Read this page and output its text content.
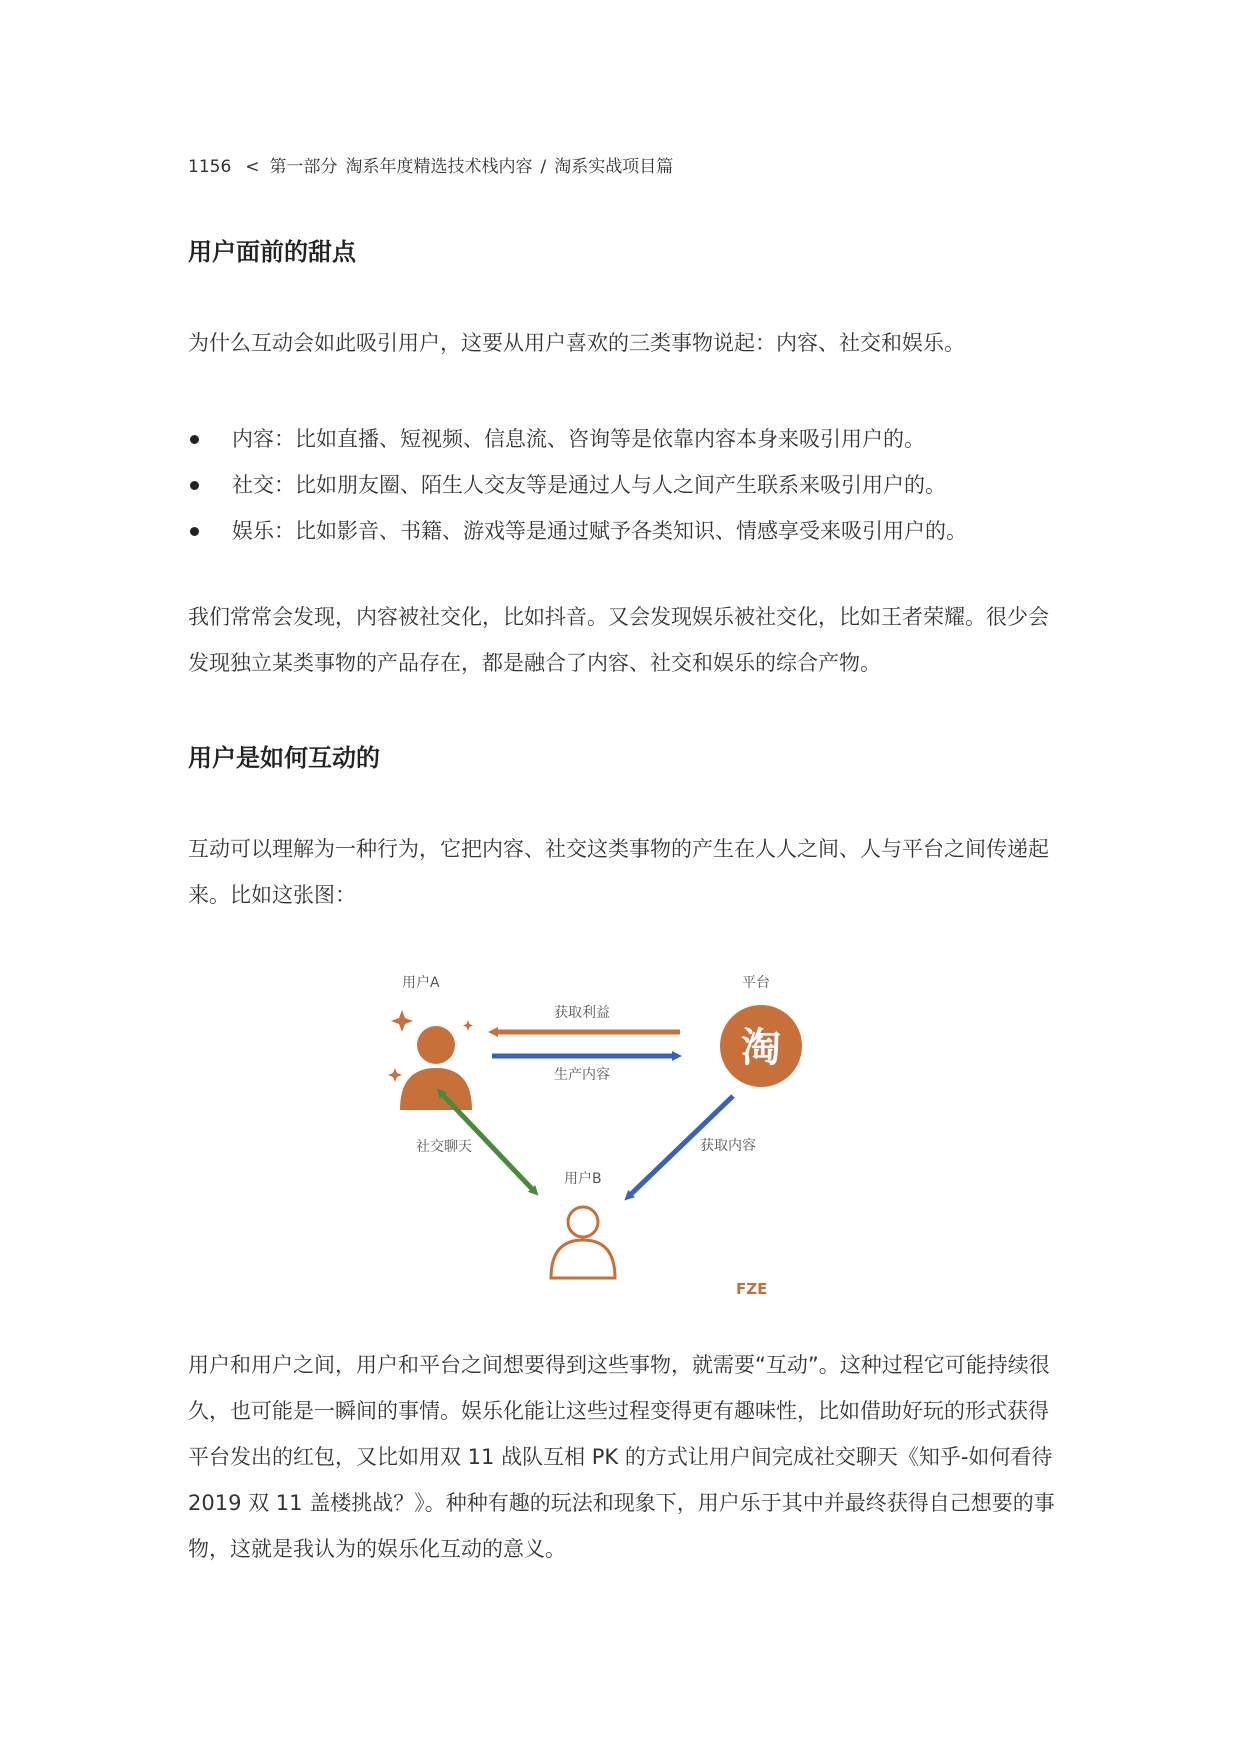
1156 < 第一部分 淘系年度精选技术栈内容 / 淘系实战项目篇
用户面前的甜点

为什么互动会如此吸引用户，这要从用户喜欢的三类事物说起：内容、社交和娱乐。

内容：比如直播、短视频、信息流、咨询等是依靠内容本身来吸引用户的。
社交：比如朋友圈、陌生人交友等是通过人与人之间产生联系来吸引用户的。
娱乐：比如影音、书籍、游戏等是通过赋予各类知识、情感享受来吸引用户的。

我们常常会发现，内容被社交化，比如抖音。又会发现娱乐被社交化，比如王者荣耀。很少会发现独立某类事物的产品存在，都是融合了内容、社交和娱乐的综合产物。

用户是如何互动的

互动可以理解为一种行为，它把内容、社交这类事物的产生在人人之间、人与平台之间传递起来。比如这张图：

淘
FZE
用户A	平台
获取利益
生产内容
社交聊天	获取内容
用户B

用户和用户之间，用户和平台之间想要得到这些事物，就需要“互动”。这种过程它可能持续很久，也可能是一瞬间的事情。娱乐化能让这些过程变得更有趣味性，比如借助好玩的形式获得平台发出的红包，又比如用双 11 战队互相 PK 的方式让用户间完成社交聊天《知乎-如何看待 2019 双 11 盖楼挑战？》。种种有趣的玩法和现象下，用户乐于其中并最终获得自己想要的事物，这就是我认为的娱乐化互动的意义。
